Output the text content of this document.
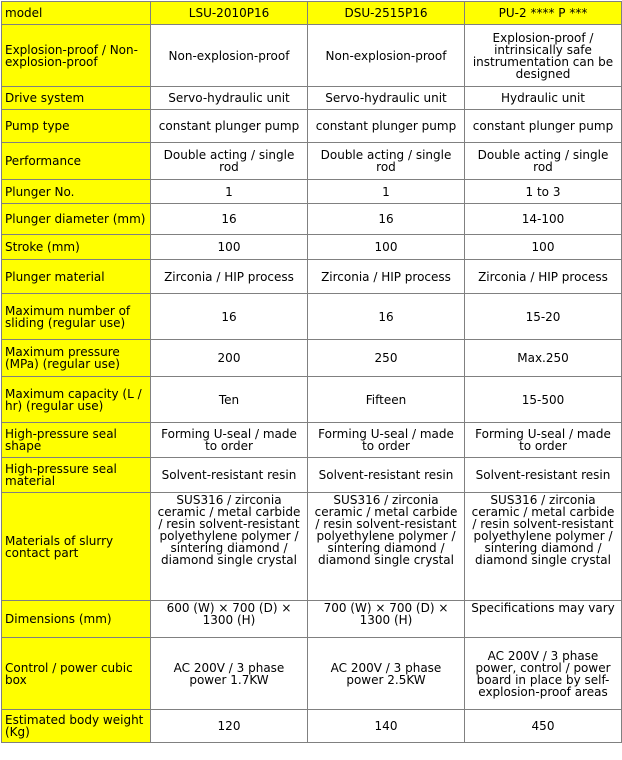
model	LSU-2010P16	DSU-2515P16	PU-2 **** P ***
Explosion-proof / Non- explosion-proof	Non-explosion-proof	Non-explosion-proof	Explosion-proof / intrinsically safe instrumentation can be designed
Drive system	Servo-hydraulic unit	Servo-hydraulic unit	Hydraulic unit
Pump type	constant plunger pump	constant plunger pump	constant plunger pump
Performance	Double acting / single rod	Double acting / single rod	Double acting / single rod
Plunger No.	1	1	1 to 3
Plunger diameter (mm)	16	16	14-100
Stroke (mm)	100	100	100
Plunger material	Zirconia / HIP process	Zirconia / HIP process	Zirconia / HIP process
Maximum number of sliding (regular use)	16	16	15-20
Maximum pressure (MPa) (regular use)	200	250	Max.250
Maximum capacity (L / hr) (regular use)	Ten	Fifteen	15-500
High-pressure seal shape	Forming U-seal / made to order	Forming U-seal / made to order	Forming U-seal / made to order
High-pressure seal material	Solvent-resistant resin	Solvent-resistant resin	Solvent-resistant resin
Materials of slurry contact part	SUS316 / zirconia ceramic / metal carbide / resin solvent-resistant polyethylene polymer / sintering diamond / diamond single crystal	SUS316 / zirconia ceramic / metal carbide / resin solvent-resistant polyethylene polymer / sintering diamond / diamond single crystal	SUS316 / zirconia ceramic / metal carbide / resin solvent-resistant polyethylene polymer / sintering diamond / diamond single crystal
Dimensions (mm)	600 (W) × 700 (D) × 1300 (H)	700 (W) × 700 (D) × 1300 (H)	Specifications may vary
Control / power cubic box	AC 200V / 3 phase power 1.7KW	AC 200V / 3 phase power 2.5KW	AC 200V / 3 phase power, control / power board in place by self-explosion-proof areas
Estimated body weight (Kg)	120	140	450
